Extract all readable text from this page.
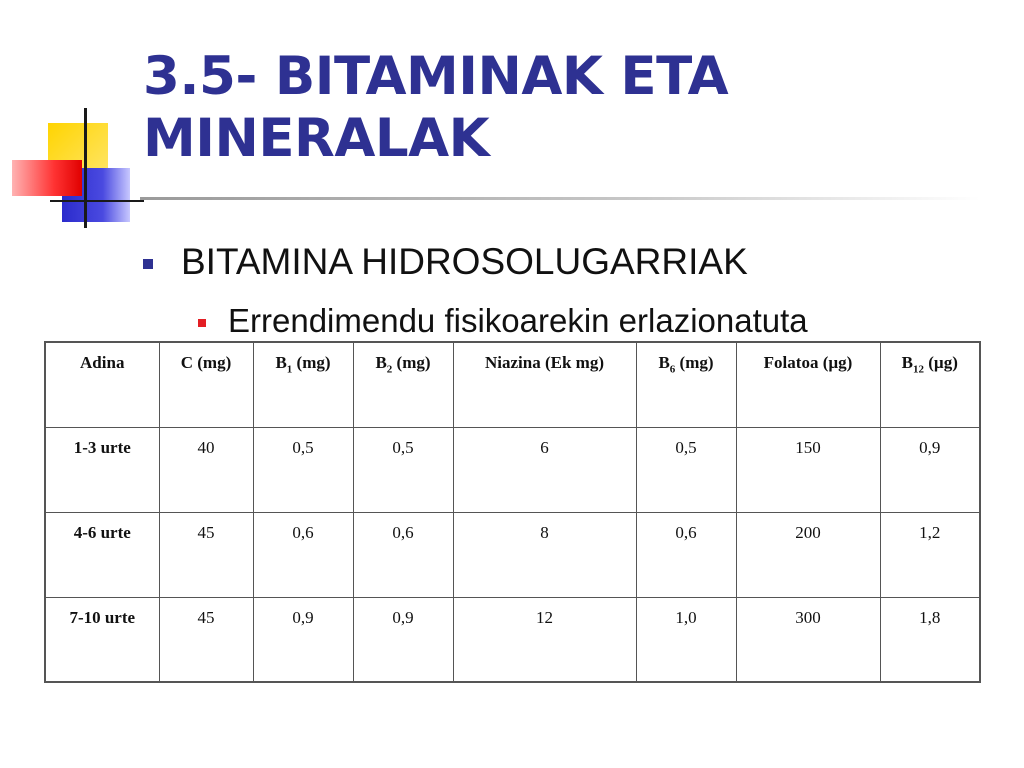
3.5- BITAMINAK ETA
MINERALAK
BITAMINA HIDROSOLUGARRIAK
Errendimendu fisikoarekin erlazionatuta
Adina	C (mg)	$B_1$ (mg)	$B_2$ (mg)	Niazina (Ek mg)	$B_6$ (mg)	Folatoa (µg)	$B_{12}$ (µg)
1-3 urte	40	0,5	0,5	6	0,5	150	0,9
4-6 urte	45	0,6	0,6	8	0,6	200	1,2
7-10 urte	45	0,9	0,9	12	1,0	300	1,8
